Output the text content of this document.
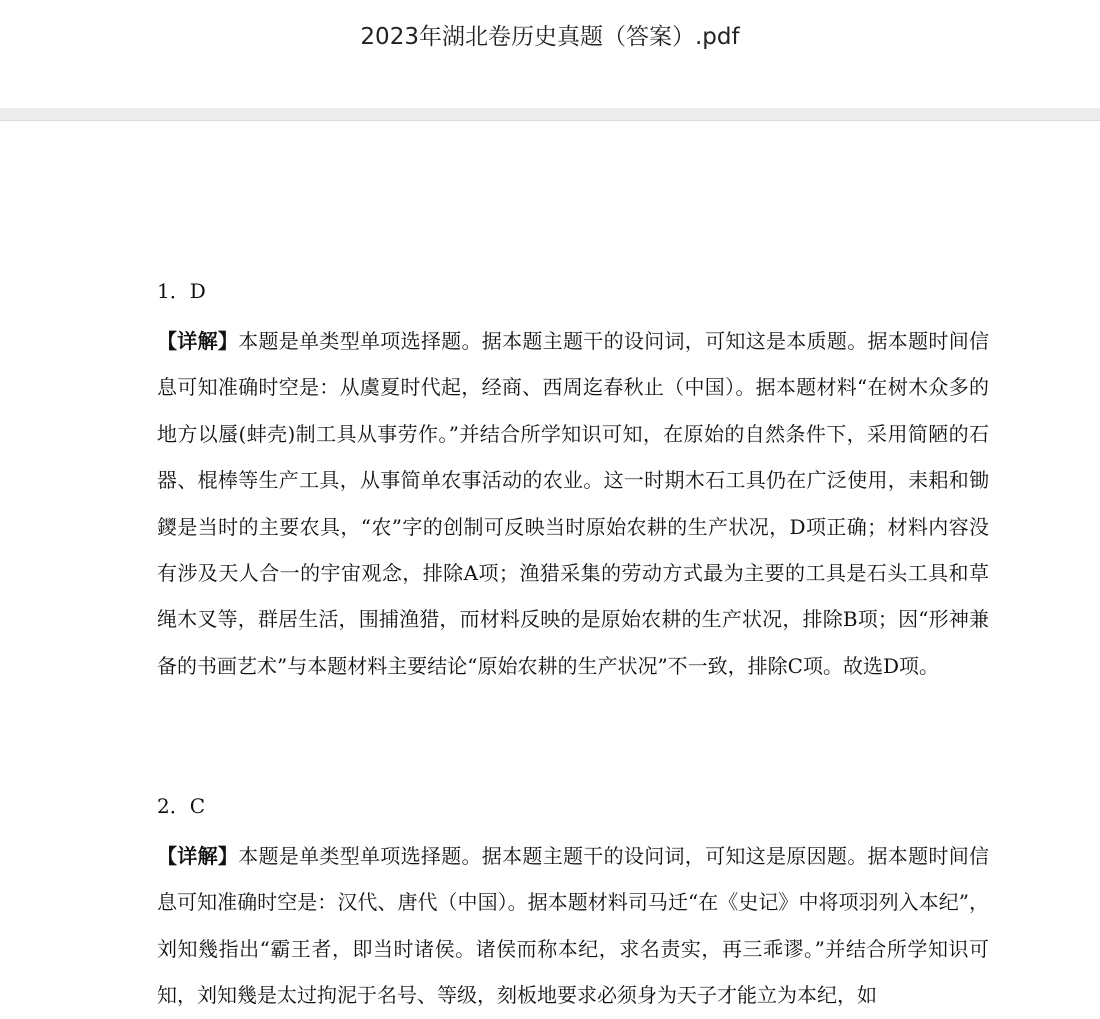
2023年湖北卷历史真题（答案）.pdf
1．D

【详解】本题是单类型单项选择题。据本题主题干的设问词，可知这是本质题。据本题时间信息可知准确时空是：从虞夏时代起，经商、西周迄春秋止（中国）。据本题材料“在树木众多的地方以蜃(蚌壳)制工具从事劳作。”并结合所学知识可知，在原始的自然条件下，采用简陋的石器、棍棒等生产工具，从事简单农事活动的农业。这一时期木石工具仍在广泛使用，耒耜和锄鑁是当时的主要农具，“农”字的创制可反映当时原始农耕的生产状况，D项正确；材料内容没有涉及天人合一的宇宙观念，排除A项；渔猎采集的劳动方式最为主要的工具是石头工具和草绳木叉等，群居生活，围捕渔猎，而材料反映的是原始农耕的生产状况，排除B项；因“形神兼备的书画艺术”与本题材料主要结论“原始农耕的生产状况”不一致，排除C项。故选D项。

2．C

【详解】本题是单类型单项选择题。据本题主题干的设问词，可知这是原因题。据本题时间信息可知准确时空是：汉代、唐代（中国）。据本题材料司马迁“在《史记》中将项羽列入本纪”，刘知幾指出“霸王者，即当时诸侯。诸侯而称本纪，求名责实，再三乖谬。”并结合所学知识可知，刘知幾是太过拘泥于名号、等级，刻板地要求必须身为天子才能立为本纪，如
